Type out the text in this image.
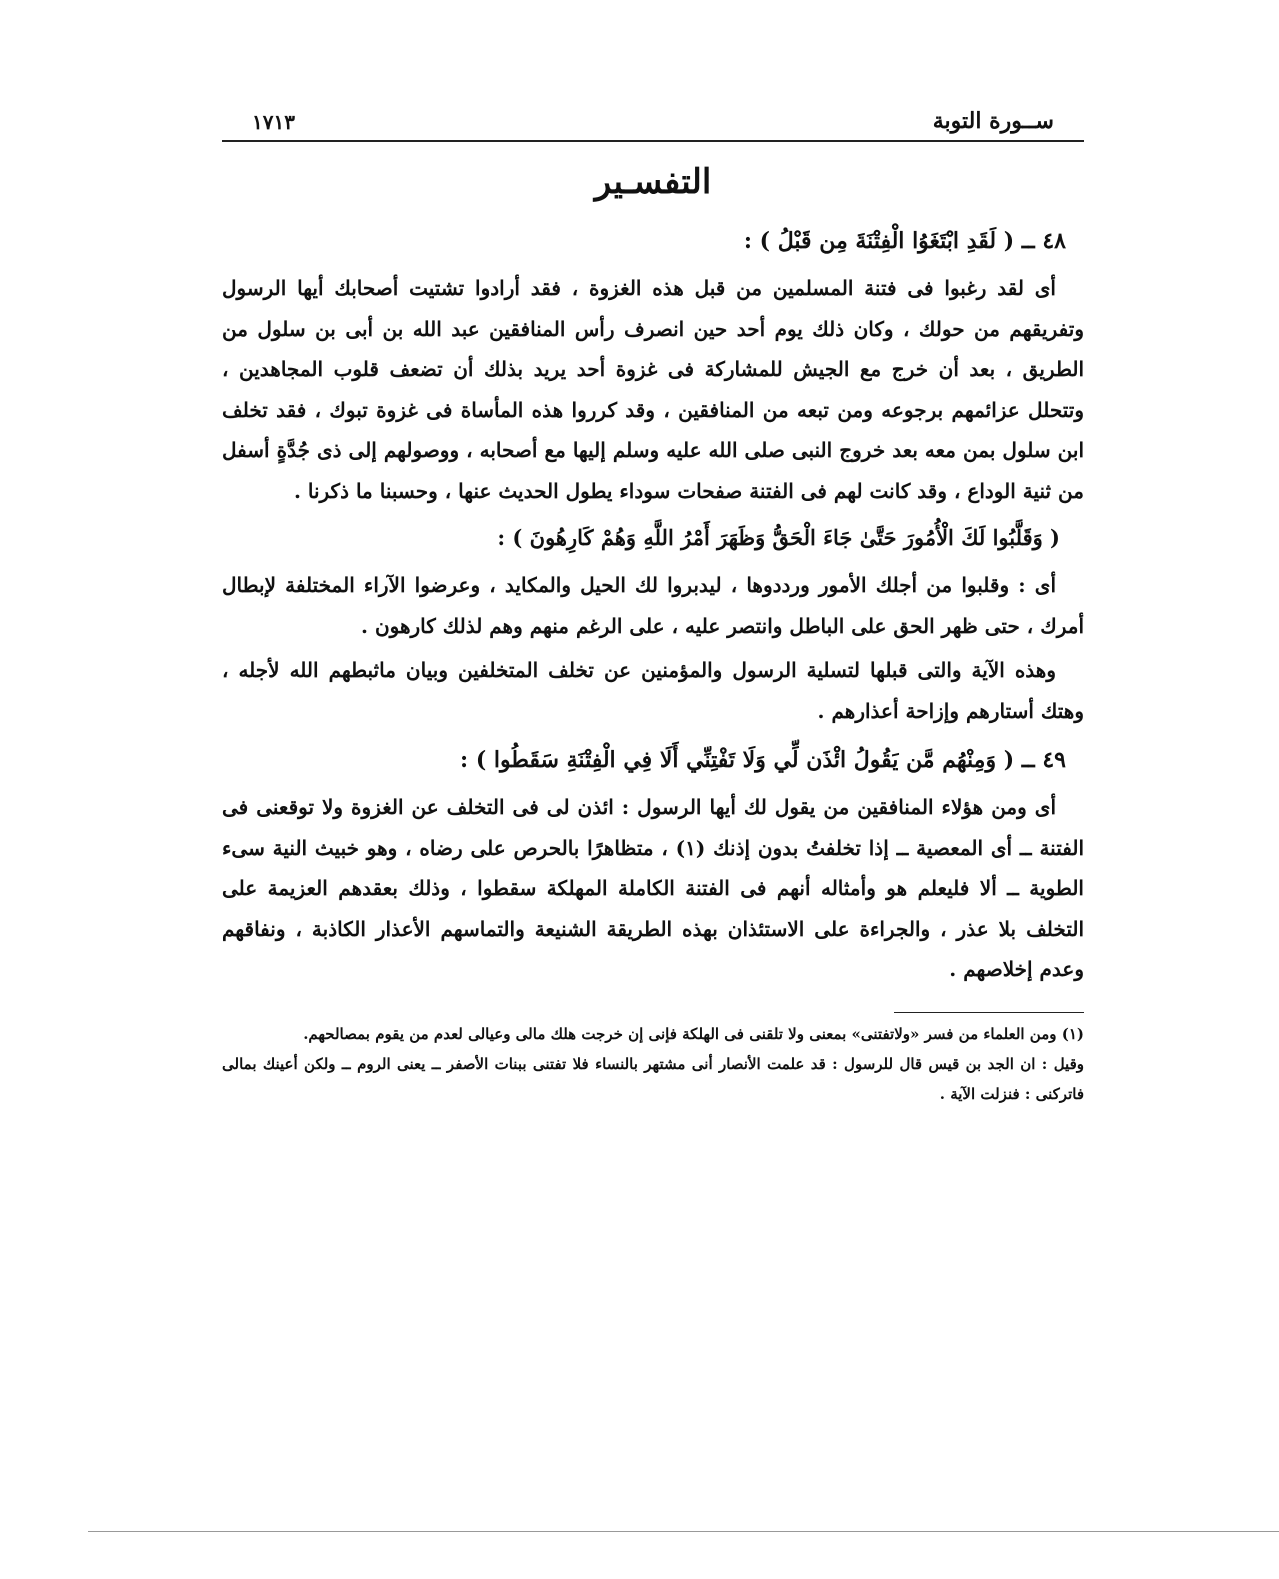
ســورة التوبة
١٧١٣
التفسـير
٤٨ ــ ( لَقَدِ ابْتَغَوُا الْفِتْنَةَ مِن قَبْلُ ) :

أى لقد رغبوا فى فتنة المسلمين من قبل هذه الغزوة ، فقد أرادوا تشتيت أصحابك أيها الرسول وتفريقهم من حولك ، وكان ذلك يوم أحد حين انصرف رأس المنافقين عبد الله بن أبى بن سلول من الطريق ، بعد أن خرج مع الجيش للمشاركة فى غزوة أحد يريد بذلك أن تضعف قلوب المجاهدين ، وتتحلل عزائمهم برجوعه ومن تبعه من المنافقين ، وقد كرروا هذه المأساة فى غزوة تبوك ، فقد تخلف ابن سلول بمن معه بعد خروج النبى صلى الله عليه وسلم إليها مع أصحابه ، ووصولهم إلى ذى جُدَّةٍ أسفل من ثنية الوداع ، وقد كانت لهم فى الفتنة صفحات سوداء يطول الحديث عنها ، وحسبنا ما ذكرنا .

( وَقَلَّبُوا لَكَ الْأُمُورَ حَتَّىٰ جَاءَ الْحَقُّ وَظَهَرَ أَمْرُ اللَّهِ وَهُمْ كَارِهُونَ ) :

أى : وقلبوا من أجلك الأمور ورددوها ، ليدبروا لك الحيل والمكايد ، وعرضوا الآراء المختلفة لإبطال أمرك ، حتى ظهر الحق على الباطل وانتصر عليه ، على الرغم منهم وهم لذلك كارهون .

وهذه الآية والتى قبلها لتسلية الرسول والمؤمنين عن تخلف المتخلفين وبيان ماثبطهم الله لأجله ، وهتك أستارهم وإزاحة أعذارهم .

٤٩ ــ ( وَمِنْهُم مَّن يَقُولُ ائْذَن لِّي وَلَا تَفْتِنِّي أَلَا فِي الْفِتْنَةِ سَقَطُوا ) :

أى ومن هؤلاء المنافقين من يقول لك أيها الرسول : ائذن لى فى التخلف عن الغزوة ولا توقعنى فى الفتنة ــ أى المعصية ــ إذا تخلفتُ بدون إذنك (١) ، متظاهرًا بالحرص على رضاه ، وهو خبيث النية سىء الطوية ــ ألا فليعلم هو وأمثاله أنهم فى الفتنة الكاملة المهلكة سقطوا ، وذلك بعقدهم العزيمة على التخلف بلا عذر ، والجراءة على الاستئذان بهذه الطريقة الشنيعة والتماسهم الأعذار الكاذبة ، ونفاقهم وعدم إخلاصهم .

(١) ومن العلماء من فسر «ولاتفتنى» بمعنى ولا تلقنى فى الهلكة فإنى إن خرجت هلك مالى وعيالى لعدم من يقوم بمصالحهم.

وقيل : ان الجد بن قيس قال للرسول : قد علمت الأنصار أنى مشتهر بالنساء فلا تفتنى ببنات الأصفر ــ يعنى الروم ــ ولكن أعينك بمالى فاتركنى : فنزلت الآية .
